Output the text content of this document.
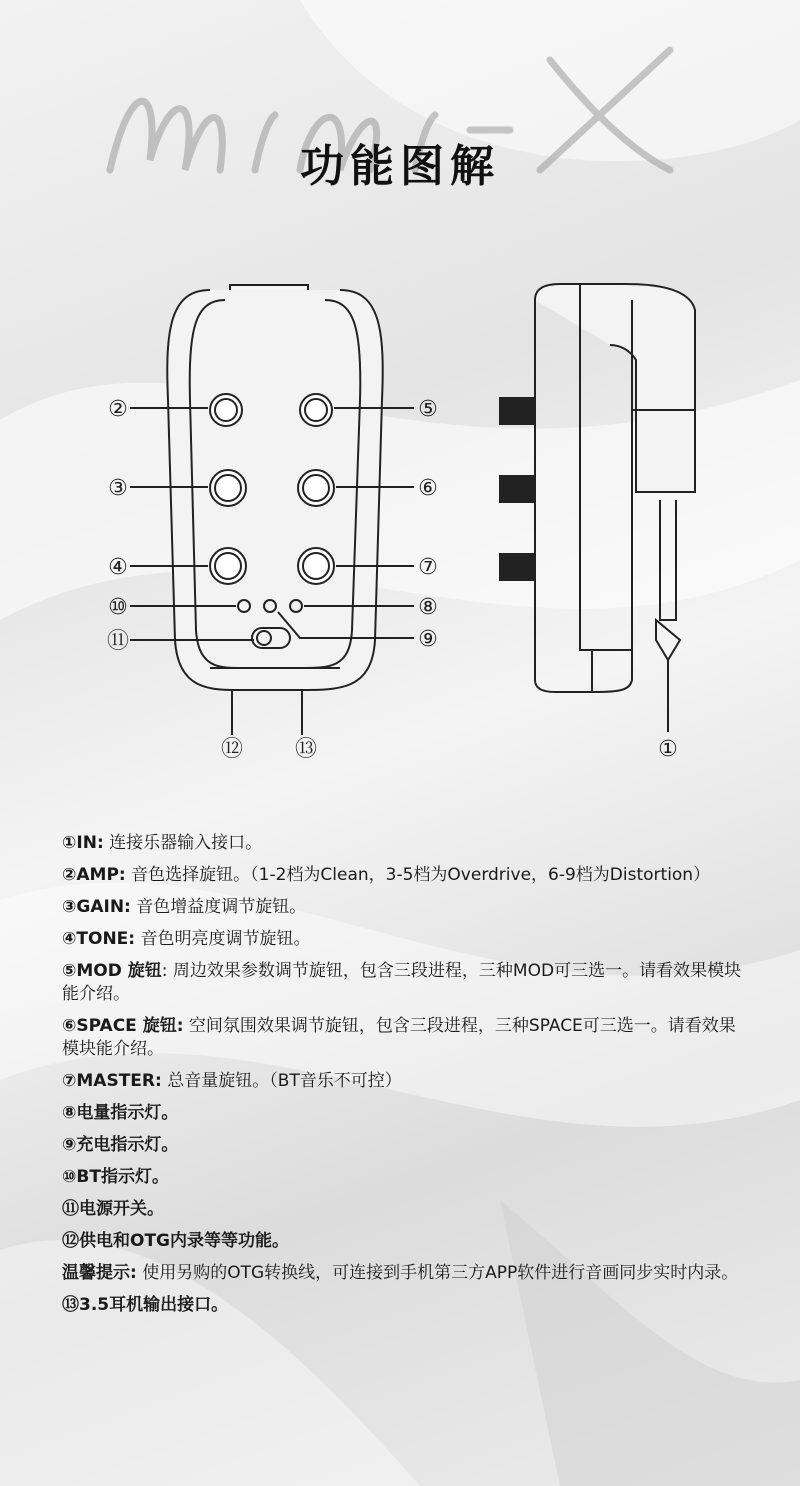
功能图解
②
③
④
⑩
⑪
⑤
⑥
⑦
⑧
⑨
⑫ ⑬	①
①IN: 连接乐器输入接口。
②AMP: 音色选择旋钮。（1-2档为Clean，3-5档为Overdrive，6-9档为Distortion）
③GAIN: 音色增益度调节旋钮。
④TONE: 音色明亮度调节旋钮。
⑤MOD 旋钮: 周边效果参数调节旋钮，包含三段进程，三种MOD可三选一。请看效果模块能介绍。
⑥SPACE 旋钮: 空间氛围效果调节旋钮，包含三段进程，三种SPACE可三选一。请看效果模块能介绍。
⑦MASTER: 总音量旋钮。（BT音乐不可控）
⑧电量指示灯。
⑨充电指示灯。
⑩BT指示灯。
⑪电源开关。
⑫供电和OTG内录等等功能。
温馨提示: 使用另购的OTG转换线，可连接到手机第三方APP软件进行音画同步实时内录。
⑬3.5耳机输出接口。
